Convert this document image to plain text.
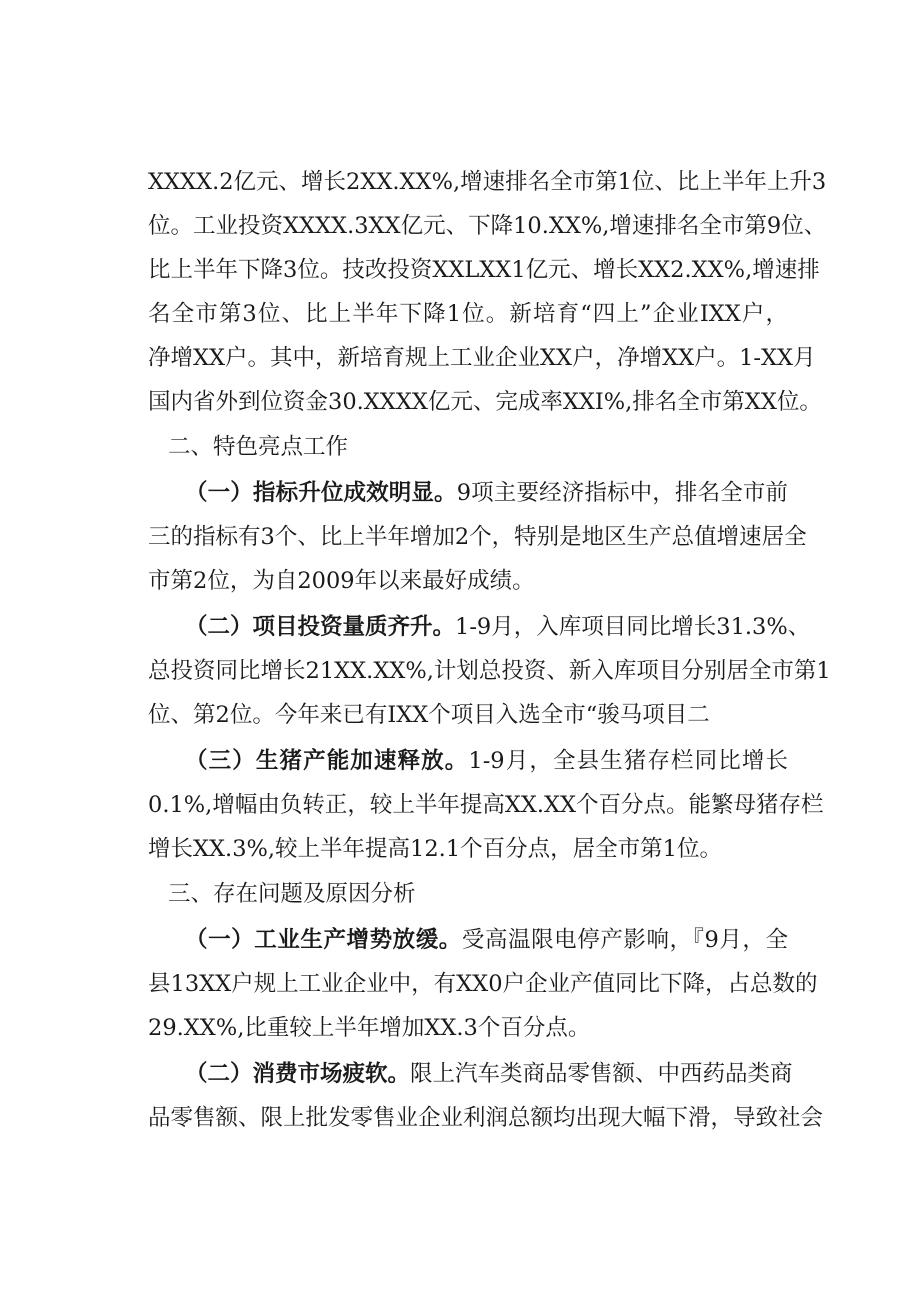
XXXX.2亿元、增长2XX.XX%,增速排名全市第1位、比上半年上升3
位。工业投资XXXX.3XX亿元、下降10.XX%,增速排名全市第9位、
比上半年下降3位。技改投资XXLXX1亿元、增长XX2.XX%,增速排
名全市第3位、比上半年下降1位。新培育“四上”企业IXX户，
净增XX户。其中，新培育规上工业企业XX户，净增XX户。1-XX月
国内省外到位资金30.XXXX亿元、完成率XXI%,排名全市第XX位。
二、特色亮点工作
（一）指标升位成效明显。9项主要经济指标中，排名全市前
三的指标有3个、比上半年增加2个，特别是地区生产总值增速居全
市第2位，为自2009年以来最好成绩。
（二）项目投资量质齐升。1-9月，入库项目同比增长31.3%、
总投资同比增长21XX.XX%,计划总投资、新入库项目分别居全市第1
位、第2位。今年来已有IXX个项目入选全市“骏马项目二
（三）生猪产能加速释放。1-9月，全县生猪存栏同比增长
0.1%,增幅由负转正，较上半年提高XX.XX个百分点。能繁母猪存栏
增长XX.3%,较上半年提高12.1个百分点，居全市第1位。
三、存在问题及原因分析
（一）工业生产增势放缓。受高温限电停产影响，『9月，全
县13XX户规上工业企业中，有XX0户企业产值同比下降，占总数的
29.XX%,比重较上半年增加XX.3个百分点。
（二）消费市场疲软。限上汽车类商品零售额、中西药品类商
品零售额、限上批发零售业企业利润总额均出现大幅下滑，导致社会
